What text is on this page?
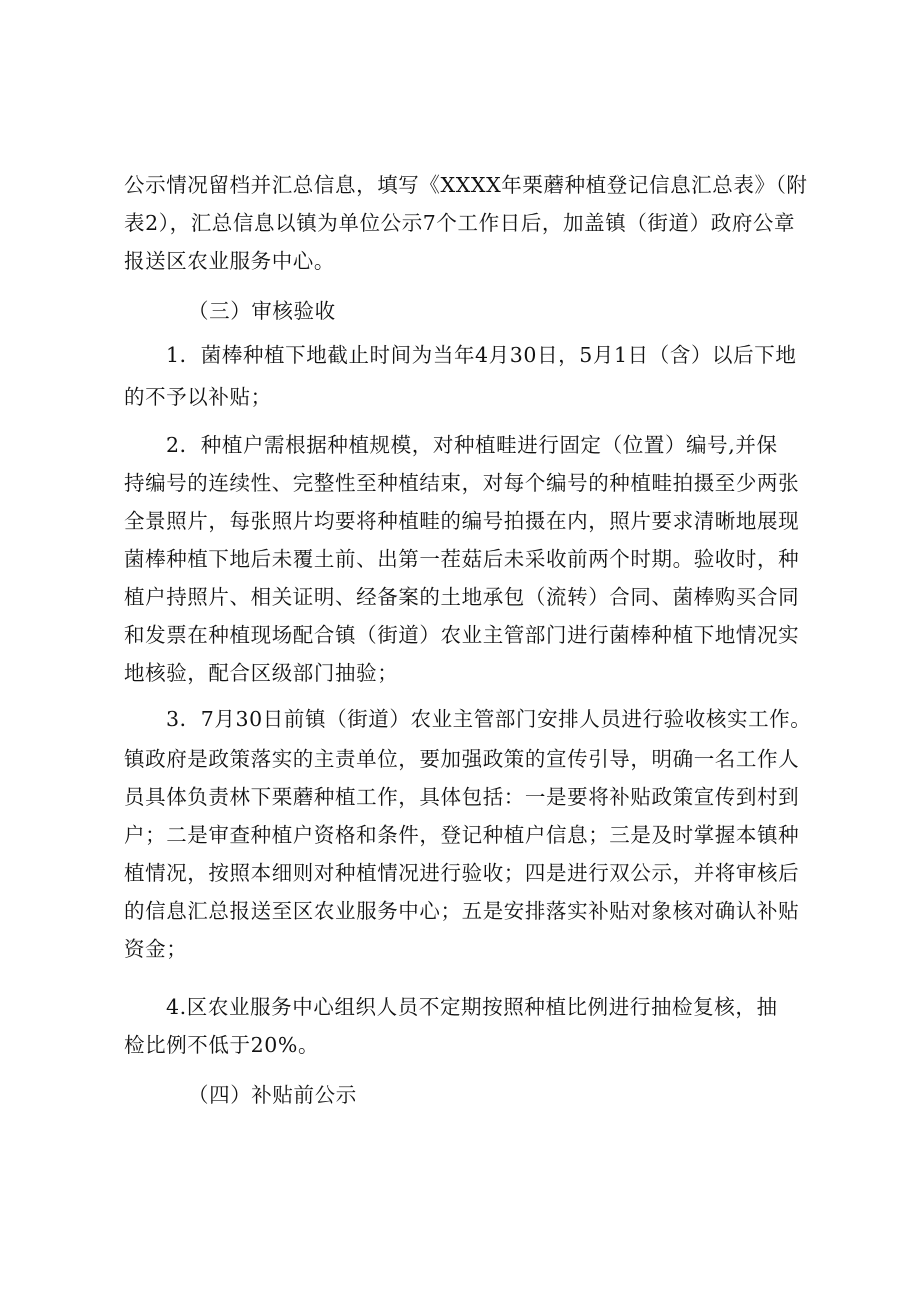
公示情况留档并汇总信息，填写《XXXX年栗蘑种植登记信息汇总表》（附
表2），汇总信息以镇为单位公示7个工作日后，加盖镇（街道）政府公章
报送区农业服务中心。
（三）审核验收
1．菌棒种植下地截止时间为当年4月30日，5月1日（含）以后下地
的不予以补贴；
2．种植户需根据种植规模，对种植畦进行固定（位置）编号,并保
持编号的连续性、完整性至种植结束，对每个编号的种植畦拍摄至少两张
全景照片，每张照片均要将种植畦的编号拍摄在内，照片要求清晰地展现
菌棒种植下地后未覆土前、出第一茬菇后未采收前两个时期。验收时，种
植户持照片、相关证明、经备案的土地承包（流转）合同、菌棒购买合同
和发票在种植现场配合镇（街道）农业主管部门进行菌棒种植下地情况实
地核验，配合区级部门抽验；
3．7月30日前镇（街道）农业主管部门安排人员进行验收核实工作。
镇政府是政策落实的主责单位，要加强政策的宣传引导，明确一名工作人
员具体负责林下栗蘑种植工作，具体包括：一是要将补贴政策宣传到村到
户；二是审查种植户资格和条件，登记种植户信息；三是及时掌握本镇种
植情况，按照本细则对种植情况进行验收；四是进行双公示，并将审核后
的信息汇总报送至区农业服务中心；五是安排落实补贴对象核对确认补贴
资金；
4.区农业服务中心组织人员不定期按照种植比例进行抽检复核，抽
检比例不低于20%。
（四）补贴前公示
